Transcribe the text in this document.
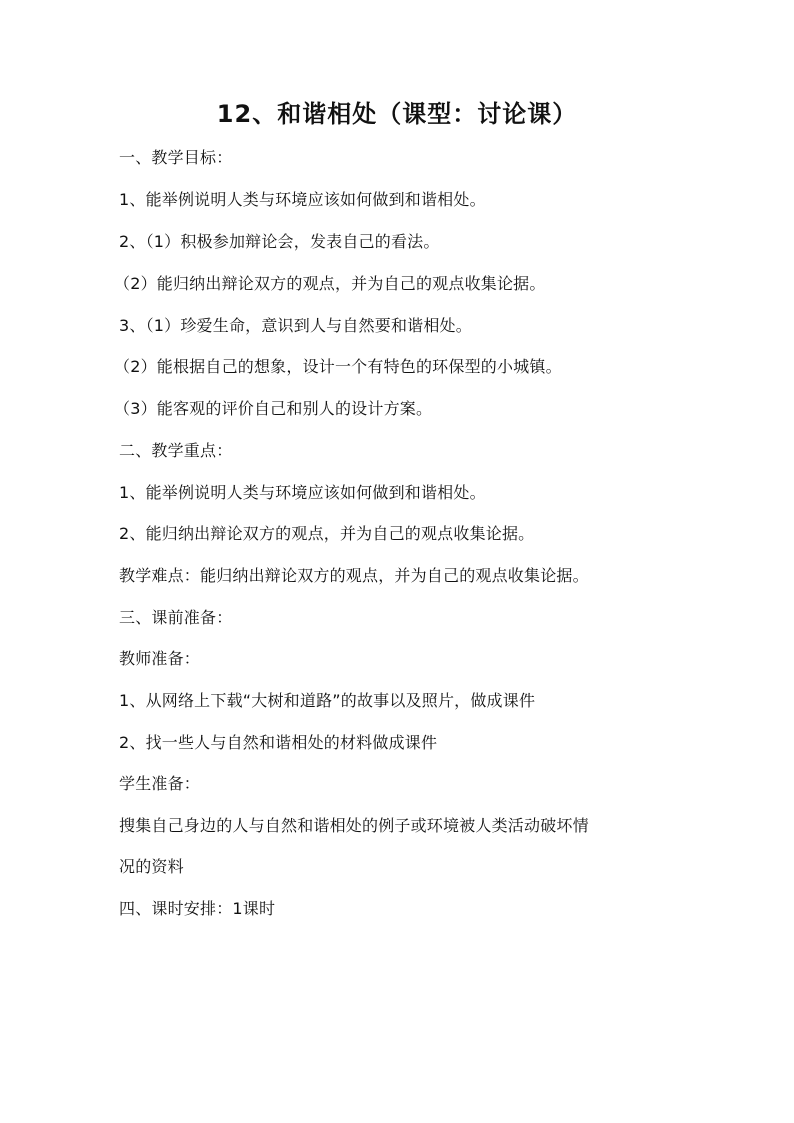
12、和谐相处（课型：讨论课）
一、教学目标：
1、能举例说明人类与环境应该如何做到和谐相处。
2、（1）积极参加辩论会，发表自己的看法。
（2）能归纳出辩论双方的观点，并为自己的观点收集论据。
3、（1）珍爱生命，意识到人与自然要和谐相处。
（2）能根据自己的想象，设计一个有特色的环保型的小城镇。
（3）能客观的评价自己和别人的设计方案。
二、教学重点：
1、能举例说明人类与环境应该如何做到和谐相处。
2、能归纳出辩论双方的观点，并为自己的观点收集论据。
教学难点：能归纳出辩论双方的观点，并为自己的观点收集论据。
三、课前准备：
教师准备：
1、从网络上下载“大树和道路”的故事以及照片，做成课件
2、找一些人与自然和谐相处的材料做成课件
学生准备：
搜集自己身边的人与自然和谐相处的例子或环境被人类活动破坏情
况的资料
四、课时安排：1课时
